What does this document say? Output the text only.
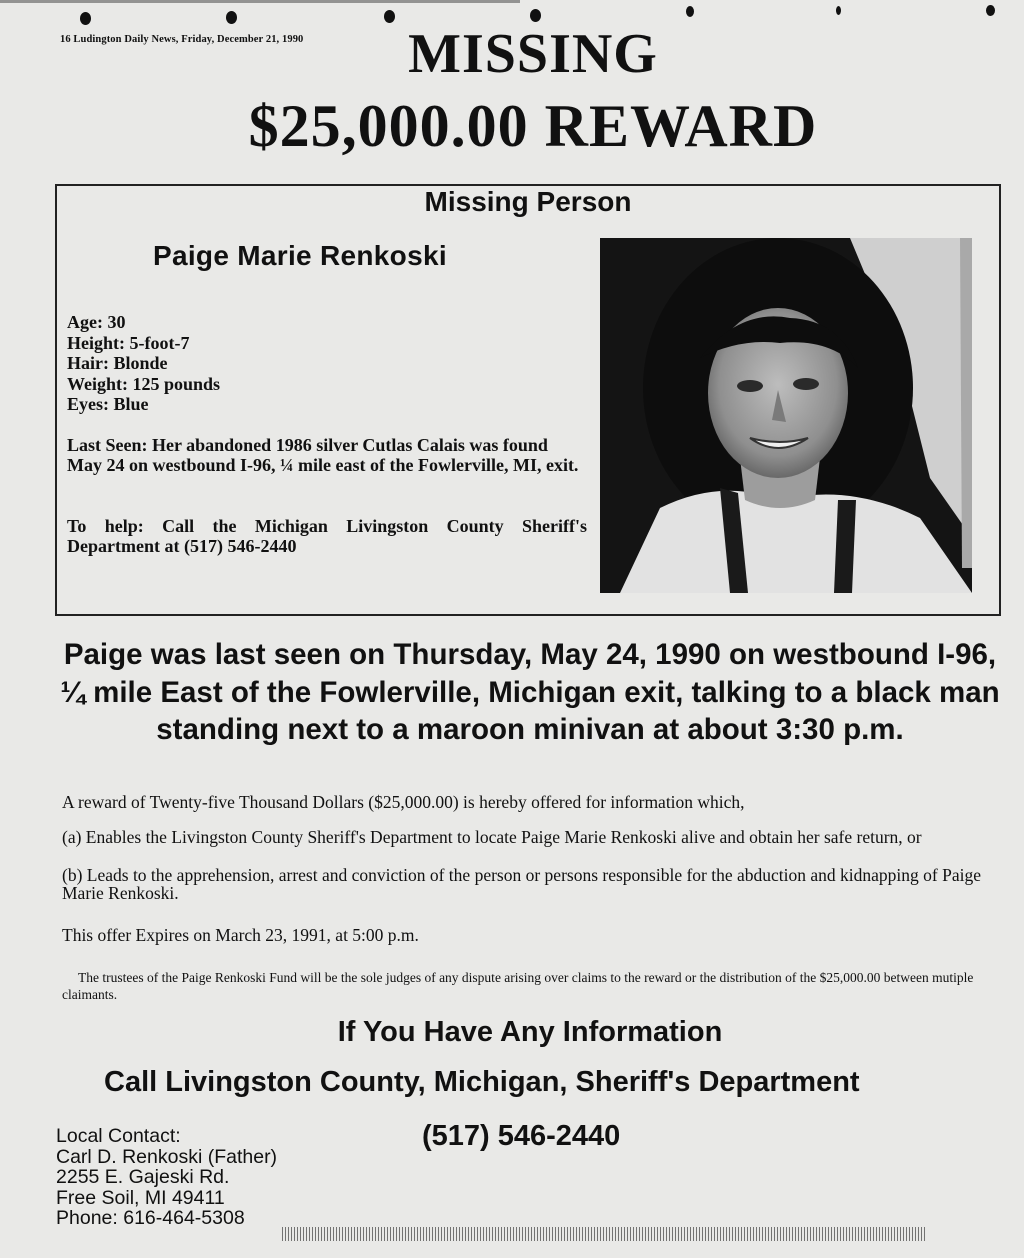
16 Ludington Daily News, Friday, December 21, 1990	MISSING
$25,000.00 REWARD
Missing Person
Paige Marie Renkoski
Age: 30
Height: 5-foot-7
Hair: Blonde
Weight: 125 pounds
Eyes: Blue
Last Seen: Her abandoned 1986 silver Cutlas Calais was found May 24 on westbound I-96, ¼ mile east of the Fowlerville, MI, exit.
To help: Call the Michigan Livingston County Sheriff's Department at (517) 546-2440
Paige was last seen on Thursday, May 24, 1990 on westbound I-96, ¼ mile East of the Fowlerville, Michigan exit, talking to a black man standing next to a maroon minivan at about 3:30 p.m.
A reward of Twenty-five Thousand Dollars ($25,000.00) is hereby offered for information which,
(a) Enables the Livingston County Sheriff's Department to locate Paige Marie Renkoski alive and obtain her safe return, or
(b) Leads to the apprehension, arrest and conviction of the person or persons responsible for the abduction and kidnapping of Paige Marie Renkoski.
This offer Expires on March 23, 1991, at 5:00 p.m.
The trustees of the Paige Renkoski Fund will be the sole judges of any dispute arising over claims to the reward or the distribution of the $25,000.00 between mutiple claimants.
If You Have Any Information
Call Livingston County, Michigan, Sheriff's Department
(517) 546-2440
Local Contact:
Carl D. Renkoski (Father)
2255 E. Gajeski Rd.
Free Soil, MI 49411
Phone: 616-464-5308
